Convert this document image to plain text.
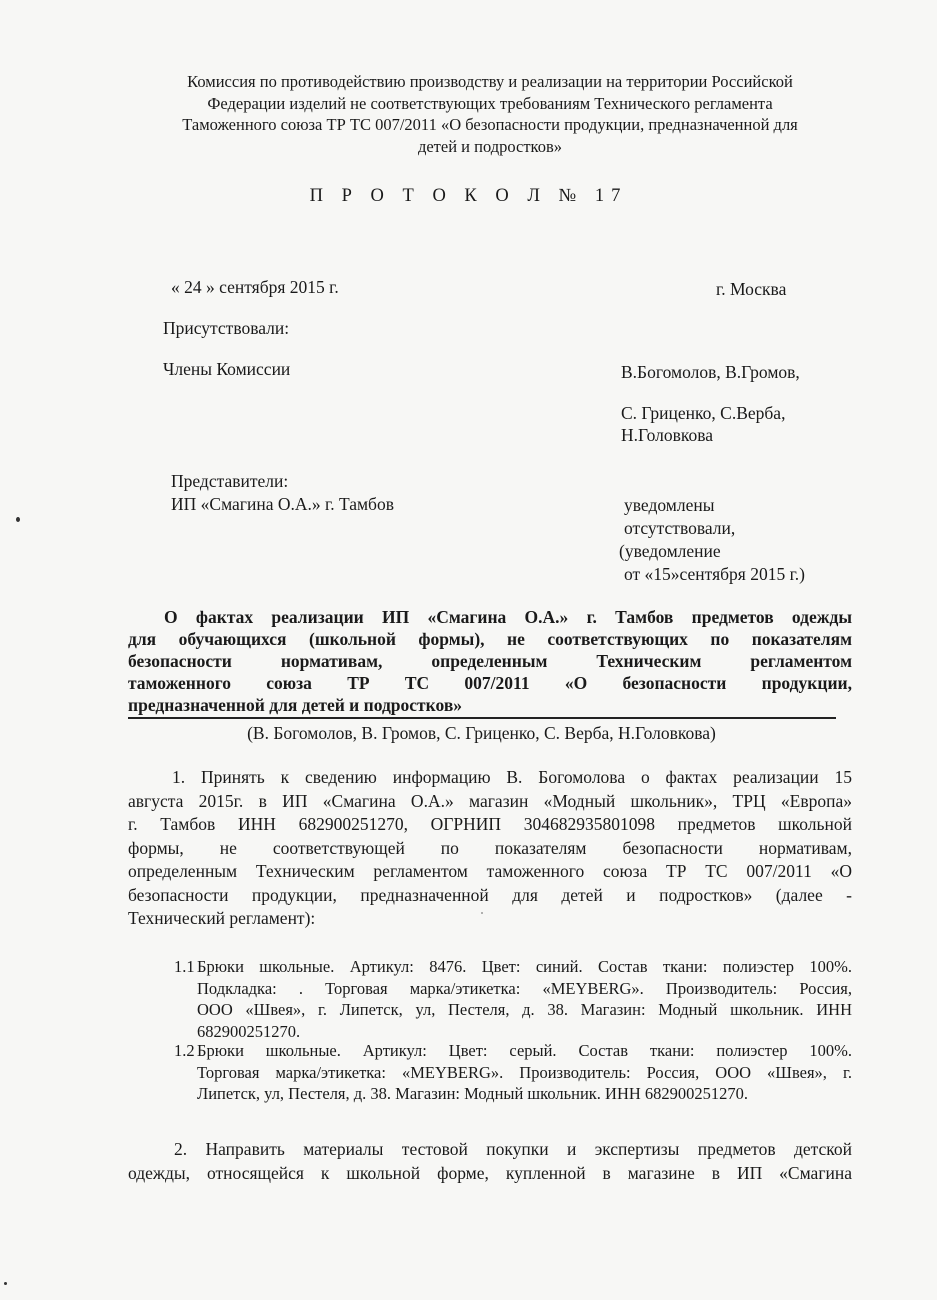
Комиссия по противодействию производству и реализации на территории Российской
Федерации изделий не соответствующих требованиям Технического регламента
Таможенного союза ТР ТС 007/2011 «О безопасности продукции, предназначенной для
детей и подростков»
П Р О Т О К О Л № 17
« 24 » сентября 2015 г.	г. Москва
Присутствовали:
Члены Комиссии	В.Богомолов, В.Громов,
С. Гриценко, С.Верба,
Н.Головкова
Представители:
ИП «Смагина О.А.» г. Тамбов	уведомлены
отсутствовали,
(уведомление
от «15»сентября 2015 г.)
О фактах реализации ИП «Смагина О.А.» г. Тамбов предметов одежды
для обучающихся (школьной формы), не соответствующих по показателям
безопасности нормативам, определенным Техническим регламентом
таможенного союза ТР ТС 007/2011 «О безопасности продукции,
предназначенной для детей и подростков»
(В. Богомолов, В. Громов, С. Гриценко, С. Верба, Н.Головкова)
1. Принять к сведению информацию В. Богомолова о фактах реализации 15
августа 2015г. в ИП «Смагина О.А.» магазин «Модный школьник», ТРЦ «Европа»
г. Тамбов ИНН 682900251270, ОГРНИП 304682935801098 предметов школьной
формы, не соответствующей по показателям безопасности нормативам,
определенным Техническим регламентом таможенного союза ТР ТС 007/2011 «О
безопасности продукции, предназначенной для детей и подростков» (далее -
Технический регламент):
1.1 Брюки школьные. Артикул: 8476. Цвет: синий. Состав ткани: полиэстер 100%.
Подкладка: . Торговая марка/этикетка: «MEYBERG». Производитель: Россия,
ООО «Швея», г. Липетск, ул, Пестеля, д. 38. Магазин: Модный школьник. ИНН
682900251270.
1.2 Брюки школьные. Артикул: Цвет: серый. Состав ткани: полиэстер 100%.
Торговая марка/этикетка: «MEYBERG». Производитель: Россия, ООО «Швея», г.
Липетск, ул, Пестеля, д. 38. Магазин: Модный школьник. ИНН 682900251270.
2. Направить материалы тестовой покупки и экспертизы предметов детской
одежды, относящейся к школьной форме, купленной в магазине в ИП «Смагина
